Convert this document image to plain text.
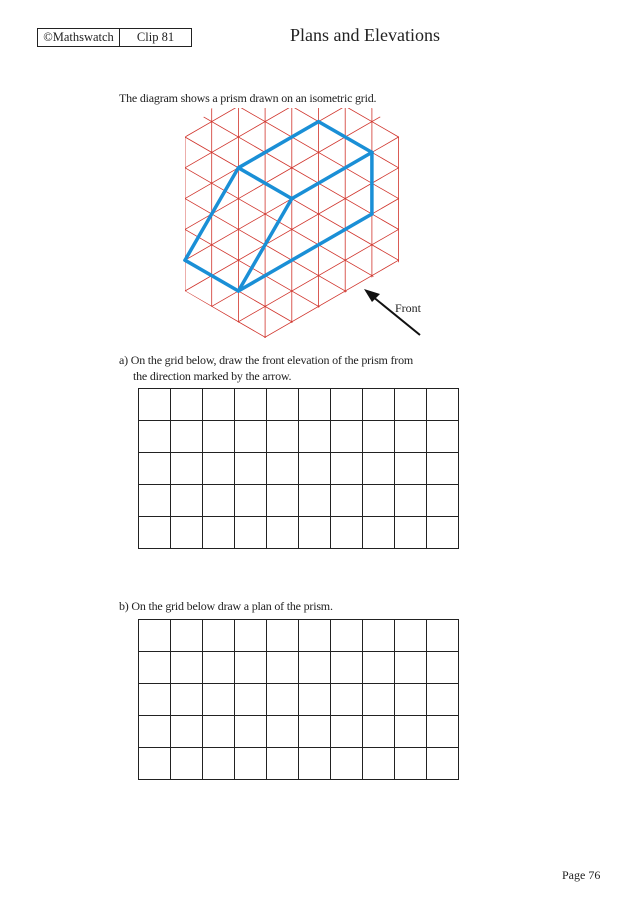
©Mathswatch	Clip 81	Plans and Elevations
The diagram shows a prism drawn on an isometric grid.
Front
a) On the grid below, draw the front elevation of the prism from
the direction marked by the arrow.

b) On the grid below draw a plan of the prism.

Page 76
